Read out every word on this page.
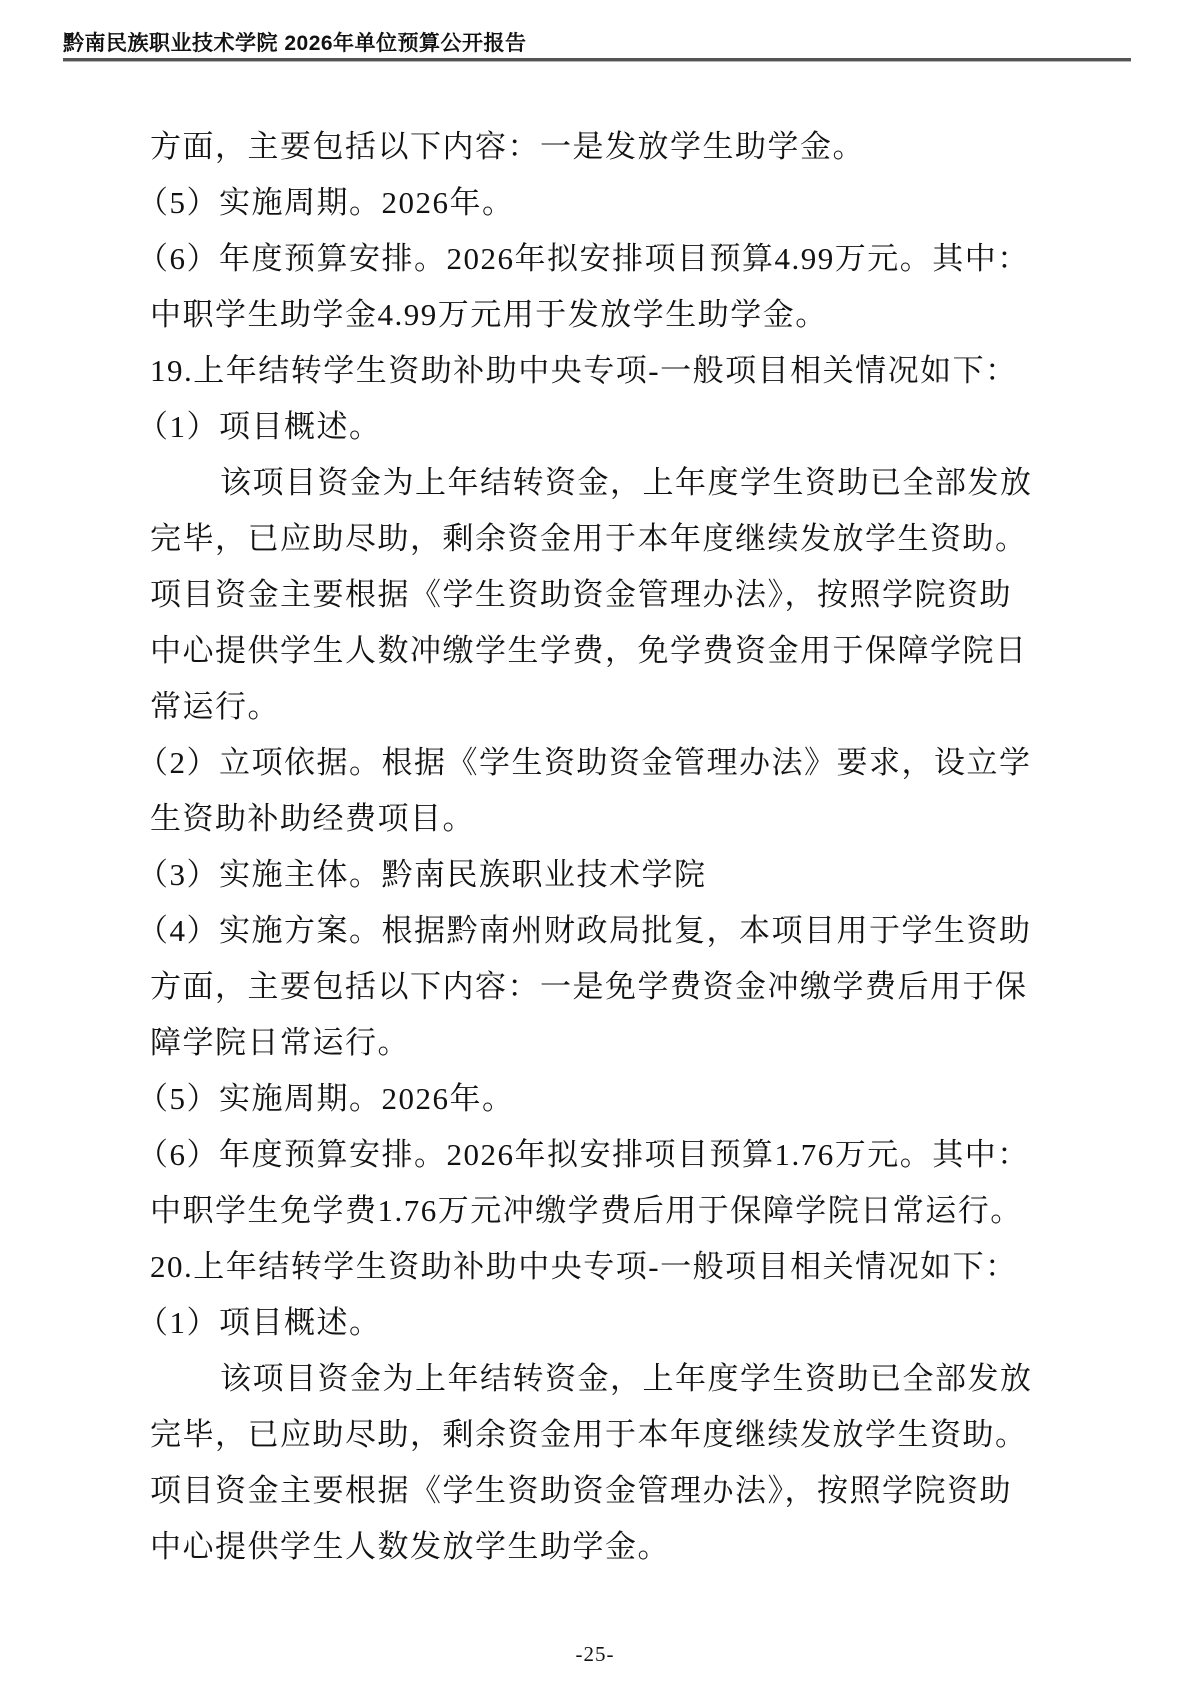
黔南民族职业技术学院 2026年单位预算公开报告
方面，主要包括以下内容：一是发放学生助学金。
（5）实施周期。2026年。
（6）年度预算安排。2026年拟安排项目预算4.99万元。其中：
中职学生助学金4.99万元用于发放学生助学金。
19.上年结转学生资助补助中央专项-一般项目相关情况如下：
（1）项目概述。
该项目资金为上年结转资金，上年度学生资助已全部发放
完毕，已应助尽助，剩余资金用于本年度继续发放学生资助。
项目资金主要根据《学生资助资金管理办法》，按照学院资助
中心提供学生人数冲缴学生学费，免学费资金用于保障学院日
常运行。
（2）立项依据。根据《学生资助资金管理办法》要求，设立学
生资助补助经费项目。
（3）实施主体。黔南民族职业技术学院
（4）实施方案。根据黔南州财政局批复，本项目用于学生资助
方面，主要包括以下内容：一是免学费资金冲缴学费后用于保
障学院日常运行。
（5）实施周期。2026年。
（6）年度预算安排。2026年拟安排项目预算1.76万元。其中：
中职学生免学费1.76万元冲缴学费后用于保障学院日常运行。
20.上年结转学生资助补助中央专项-一般项目相关情况如下：
（1）项目概述。
该项目资金为上年结转资金，上年度学生资助已全部发放
完毕，已应助尽助，剩余资金用于本年度继续发放学生资助。
项目资金主要根据《学生资助资金管理办法》，按照学院资助
中心提供学生人数发放学生助学金。
-25-
